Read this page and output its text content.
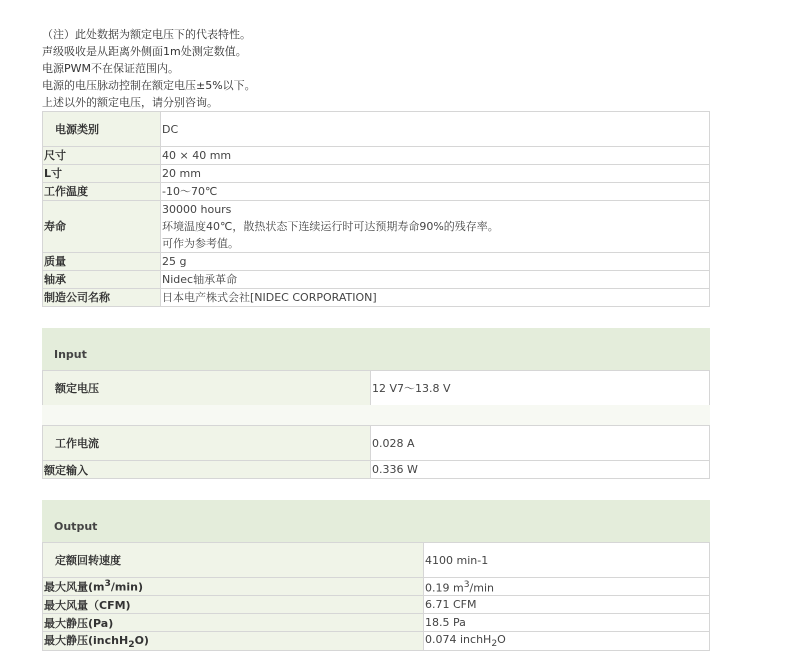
（注）此处数据为额定电压下的代表特性。
声级吸收是从距离外侧面1m处测定数值。
电源PWM不在保证范围内。
电源的电压脉动控制在额定电压±5%以下。
上述以外的额定电压，请分别咨询。
电源类别	DC
尺寸	40 × 40 mm
L寸	20 mm
工作温度	-10～70℃
寿命	30000 hours
环境温度40℃，散热状态下连续运行时可达预期寿命90%的残存率。
可作为参考值。

质量	25 g
轴承	Nidec轴承革命
制造公司名称	日本电产株式会社[NIDEC CORPORATION]
Input
额定电压	12 V7～13.8 V
工作电流	0.028 A
额定输入	0.336 W
Output
定额回转速度	4100 min-1
最大风量$(m^3/\min)$	0.19 $m^3/\min$
最大风量（CFM)	6.71 CFM
最大静压(Pa)	18.5 Pa
最大静压(inchH$_2$O)	0.074 inchH$_2$O
